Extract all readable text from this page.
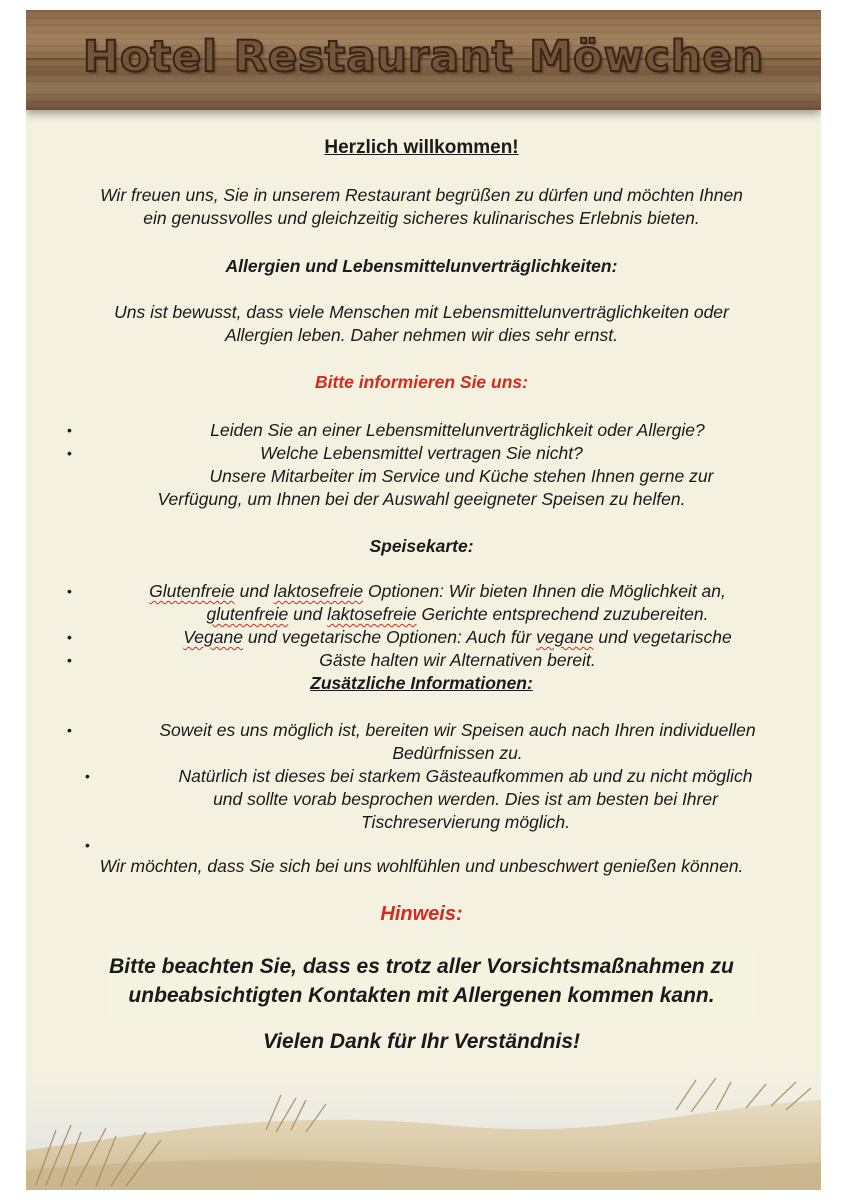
Hotel Restaurant Möwchen
Herzlich willkommen!

Wir freuen uns, Sie in unserem Restaurant begrüßen zu dürfen und möchten Ihnen

ein genussvolles und gleichzeitig sicheres kulinarisches Erlebnis bieten.

Allergien und Lebensmittelunverträglichkeiten:

Uns ist bewusst, dass viele Menschen mit Lebensmittelunverträglichkeiten oder

Allergien leben. Daher nehmen wir dies sehr ernst.

Bitte informieren Sie uns:
•	Leiden Sie an einer Lebensmittelunverträglichkeit oder Allergie?

•	Welche Lebensmittel vertragen Sie nicht?

Unsere Mitarbeiter im Service und Küche stehen Ihnen gerne zur

Verfügung, um Ihnen bei der Auswahl geeigneter Speisen zu helfen.

Speisekarte:
•	Glutenfreie und laktosefreie Optionen: Wir bieten Ihnen die Möglichkeit an,

glutenfreie und laktosefreie Gerichte entsprechend zuzubereiten.

•	Vegane und vegetarische Optionen: Auch für vegane und vegetarische

•	Gäste halten wir Alternativen bereit.

Zusätzliche Informationen:
•	Soweit es uns möglich ist, bereiten wir Speisen auch nach Ihren individuellen

Bedürfnissen zu.

•	Natürlich ist dieses bei starkem Gästeaufkommen ab und zu nicht möglich

und sollte vorab besprochen werden. Dies ist am besten bei Ihrer

Tischreservierung möglich.

•

Wir möchten, dass Sie sich bei uns wohlfühlen und unbeschwert genießen können.

Hinweis:

Bitte beachten Sie, dass es trotz aller Vorsichtsmaßnahmen zu

unbeabsichtigten Kontakten mit Allergenen kommen kann.

Vielen Dank für Ihr Verständnis!
